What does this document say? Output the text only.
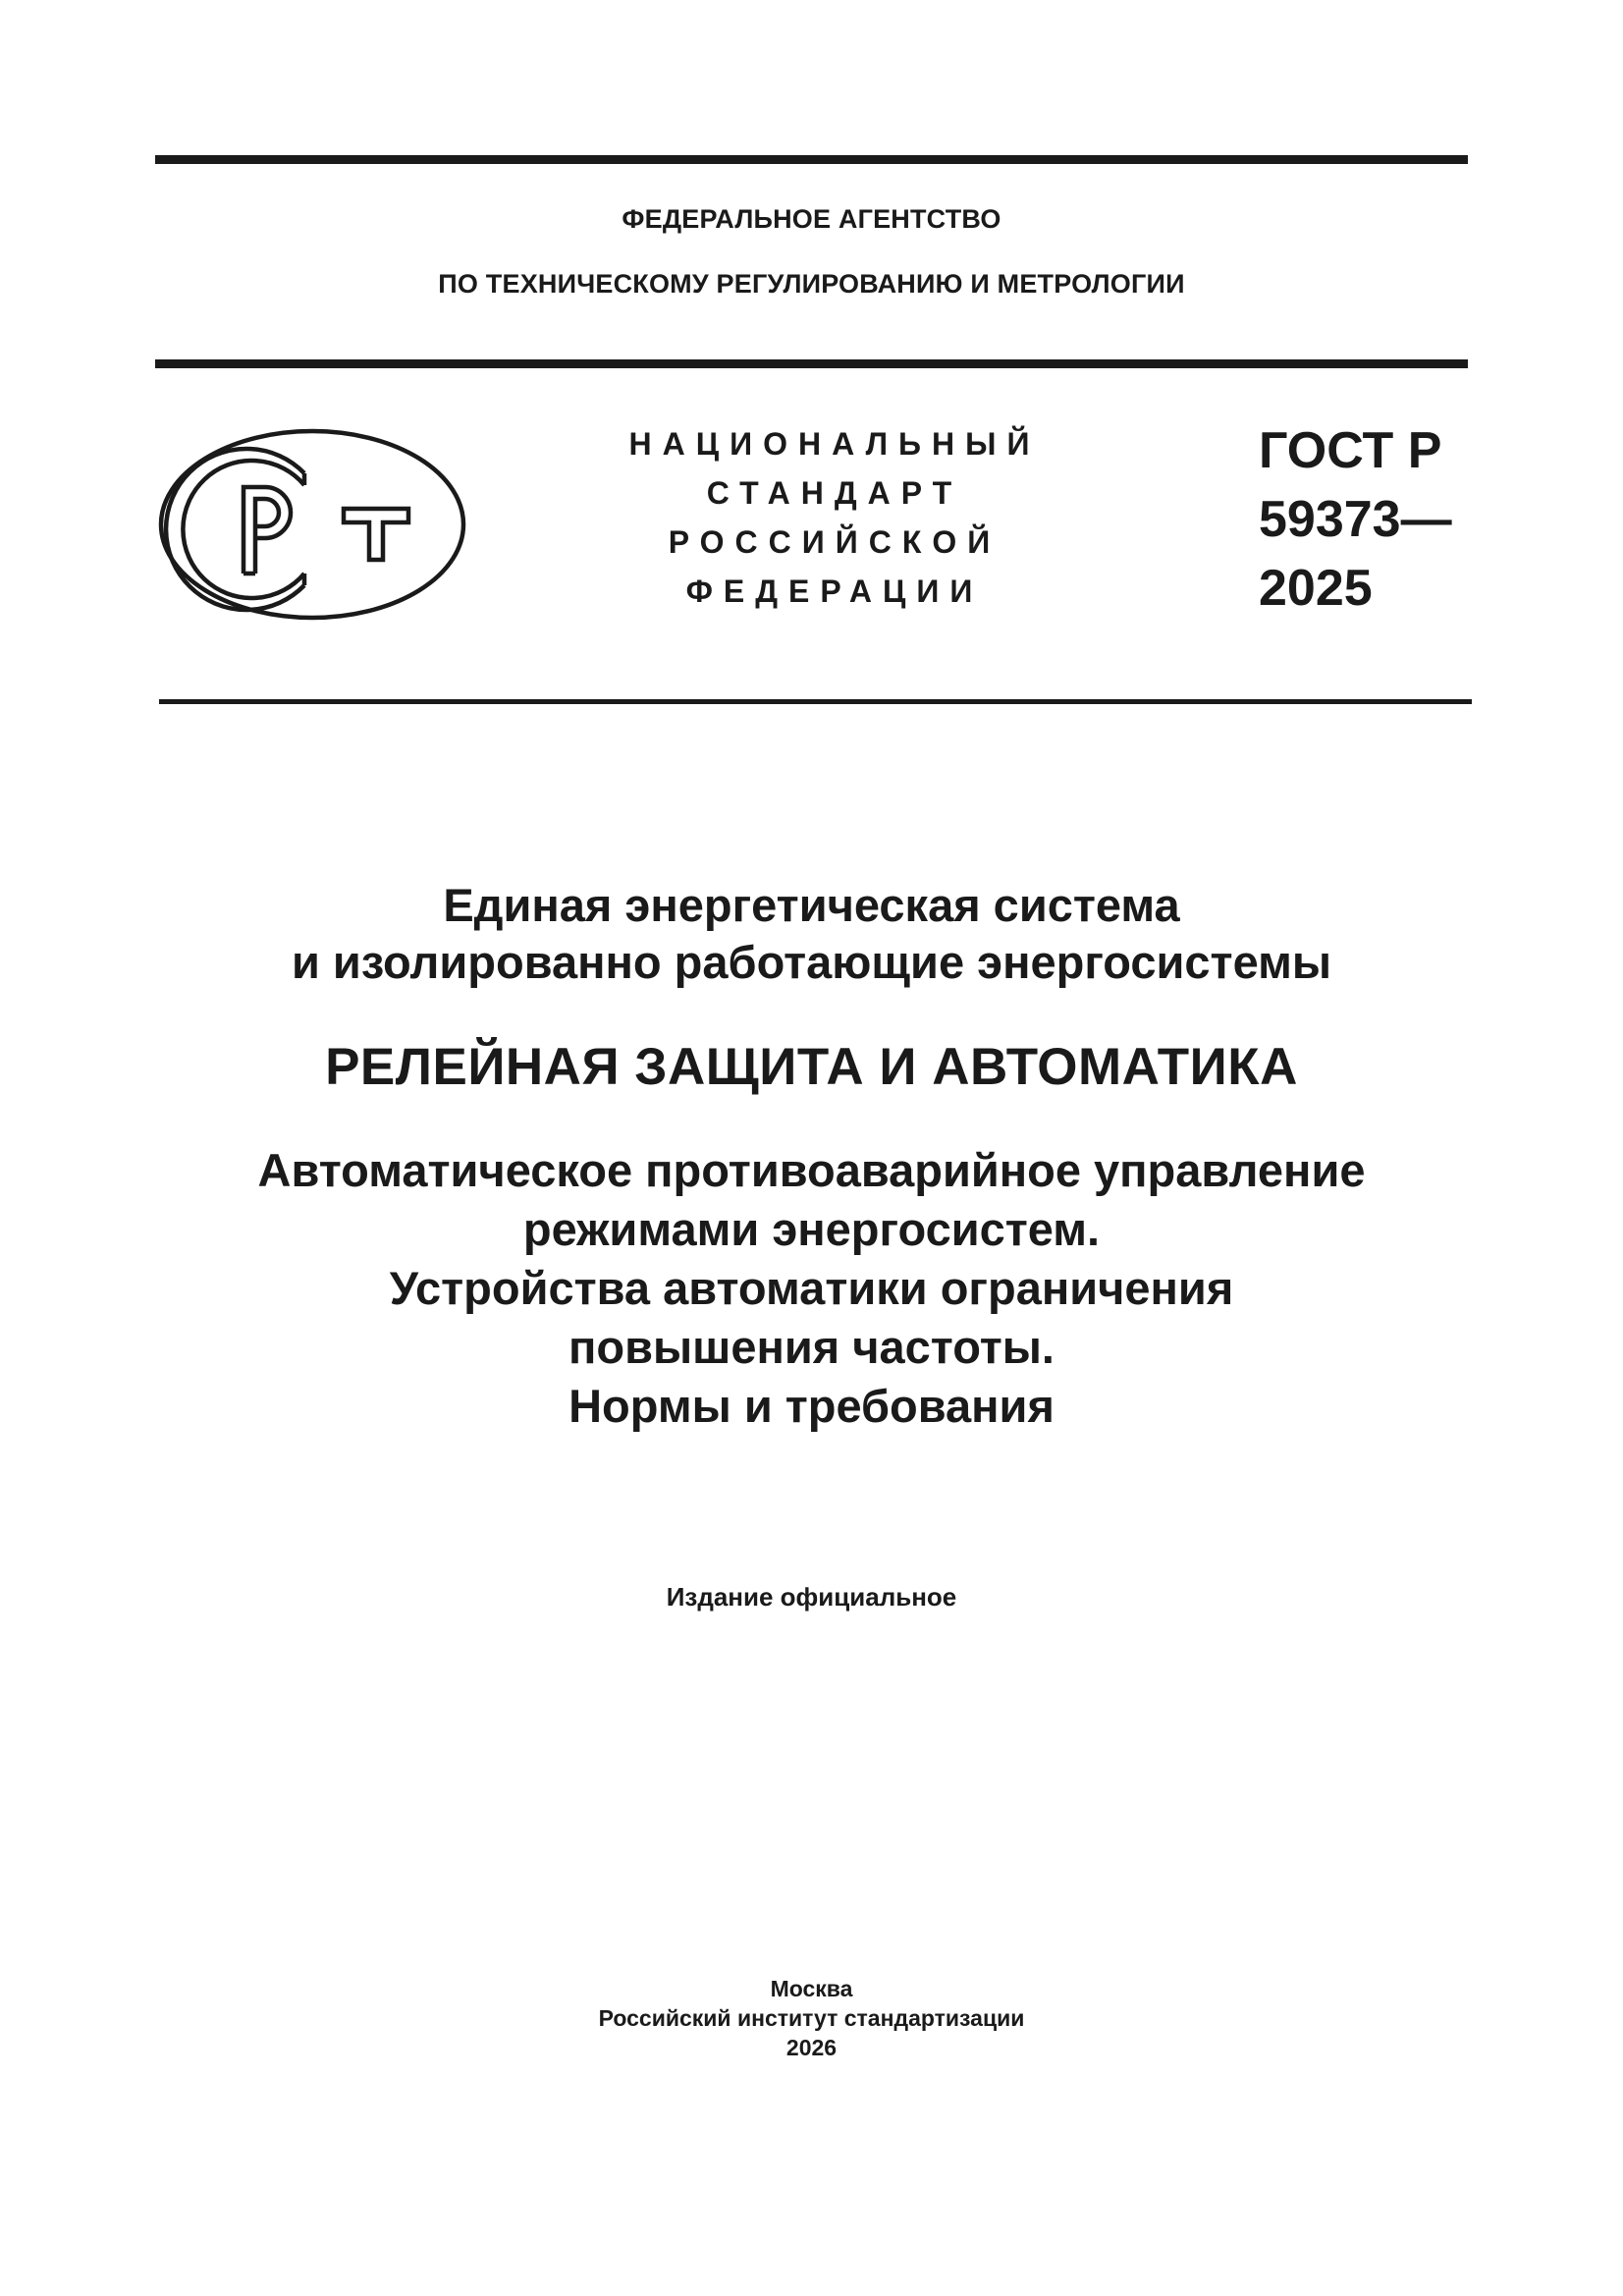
ФЕДЕРАЛЬНОЕ АГЕНТСТВО
ПО ТЕХНИЧЕСКОМУ РЕГУЛИРОВАНИЮ И МЕТРОЛОГИИ
НАЦИОНАЛЬНЫЙ
СТАНДАРТ
РОССИЙСКОЙ
ФЕДЕРАЦИИ
ГОСТ Р
59373—
2025
Единая энергетическая система
и изолированно работающие энергосистемы
РЕЛЕЙНАЯ ЗАЩИТА И АВТОМАТИКА
Автоматическое противоаварийное управление
режимами энергосистем.
Устройства автоматики ограничения
повышения частоты.
Нормы и требования
Издание официальное
Москва
Российский институт стандартизации
2026
